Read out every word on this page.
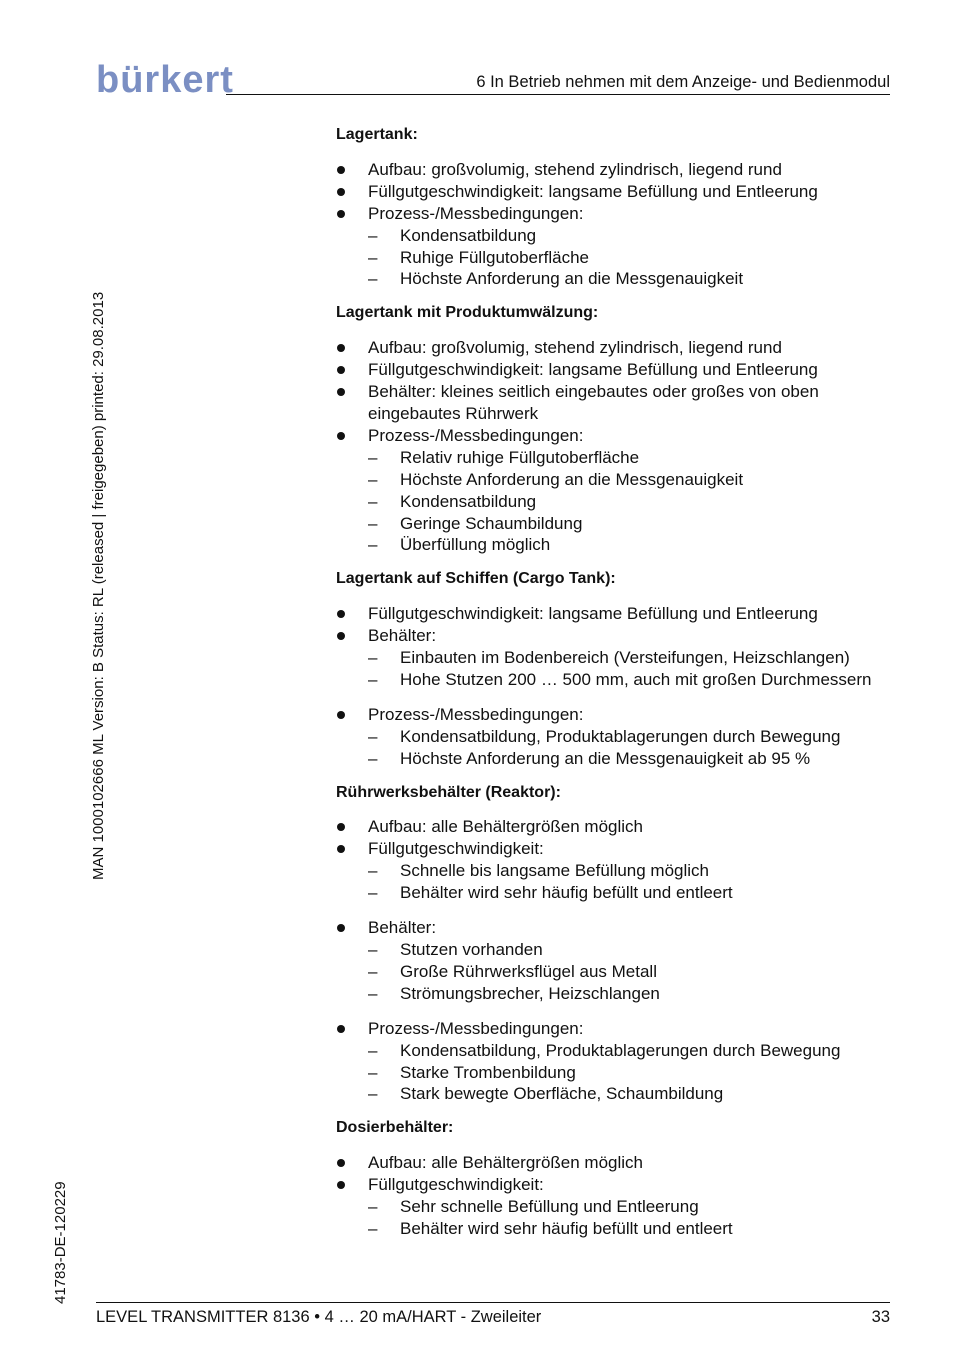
bürkert	6 In Betrieb nehmen mit dem Anzeige- und Bedienmodul
MAN 1000102666 ML Version: B Status: RL (released | freigegeben) printed: 29.08.2013
41783-DE-120229
Lagertank:
Aufbau: großvolumig, stehend zylindrisch, liegend rund
Füllgutgeschwindigkeit: langsame Befüllung und Entleerung
Prozess-/Messbedingungen:
– Kondensatbildung
– Ruhige Füllgutoberfläche
– Höchste Anforderung an die Messgenauigkeit
Lagertank mit Produktumwälzung:
Aufbau: großvolumig, stehend zylindrisch, liegend rund
Füllgutgeschwindigkeit: langsame Befüllung und Entleerung
Behälter: kleines seitlich eingebautes oder großes von oben eingebautes Rührwerk
Prozess-/Messbedingungen:
– Relativ ruhige Füllgutoberfläche
– Höchste Anforderung an die Messgenauigkeit
– Kondensatbildung
– Geringe Schaumbildung
– Überfüllung möglich
Lagertank auf Schiffen (Cargo Tank):
Füllgutgeschwindigkeit: langsame Befüllung und Entleerung
Behälter:
– Einbauten im Bodenbereich (Versteifungen, Heizschlangen)
– Hohe Stutzen 200 … 500 mm, auch mit großen Durchmessern
Prozess-/Messbedingungen:
– Kondensatbildung, Produktablagerungen durch Bewegung
– Höchste Anforderung an die Messgenauigkeit ab 95 %
Rührwerksbehälter (Reaktor):
Aufbau: alle Behältergrößen möglich
Füllgutgeschwindigkeit:
– Schnelle bis langsame Befüllung möglich
– Behälter wird sehr häufig befüllt und entleert
Behälter:
– Stutzen vorhanden
– Große Rührwerksflügel aus Metall
– Strömungsbrecher, Heizschlangen
Prozess-/Messbedingungen:
– Kondensatbildung, Produktablagerungen durch Bewegung
– Starke Trombenbildung
– Stark bewegte Oberfläche, Schaumbildung
Dosierbehälter:
Aufbau: alle Behältergrößen möglich
Füllgutgeschwindigkeit:
– Sehr schnelle Befüllung und Entleerung
– Behälter wird sehr häufig befüllt und entleert
LEVEL TRANSMITTER 8136 • 4 … 20 mA/HART - Zweileiter	33
